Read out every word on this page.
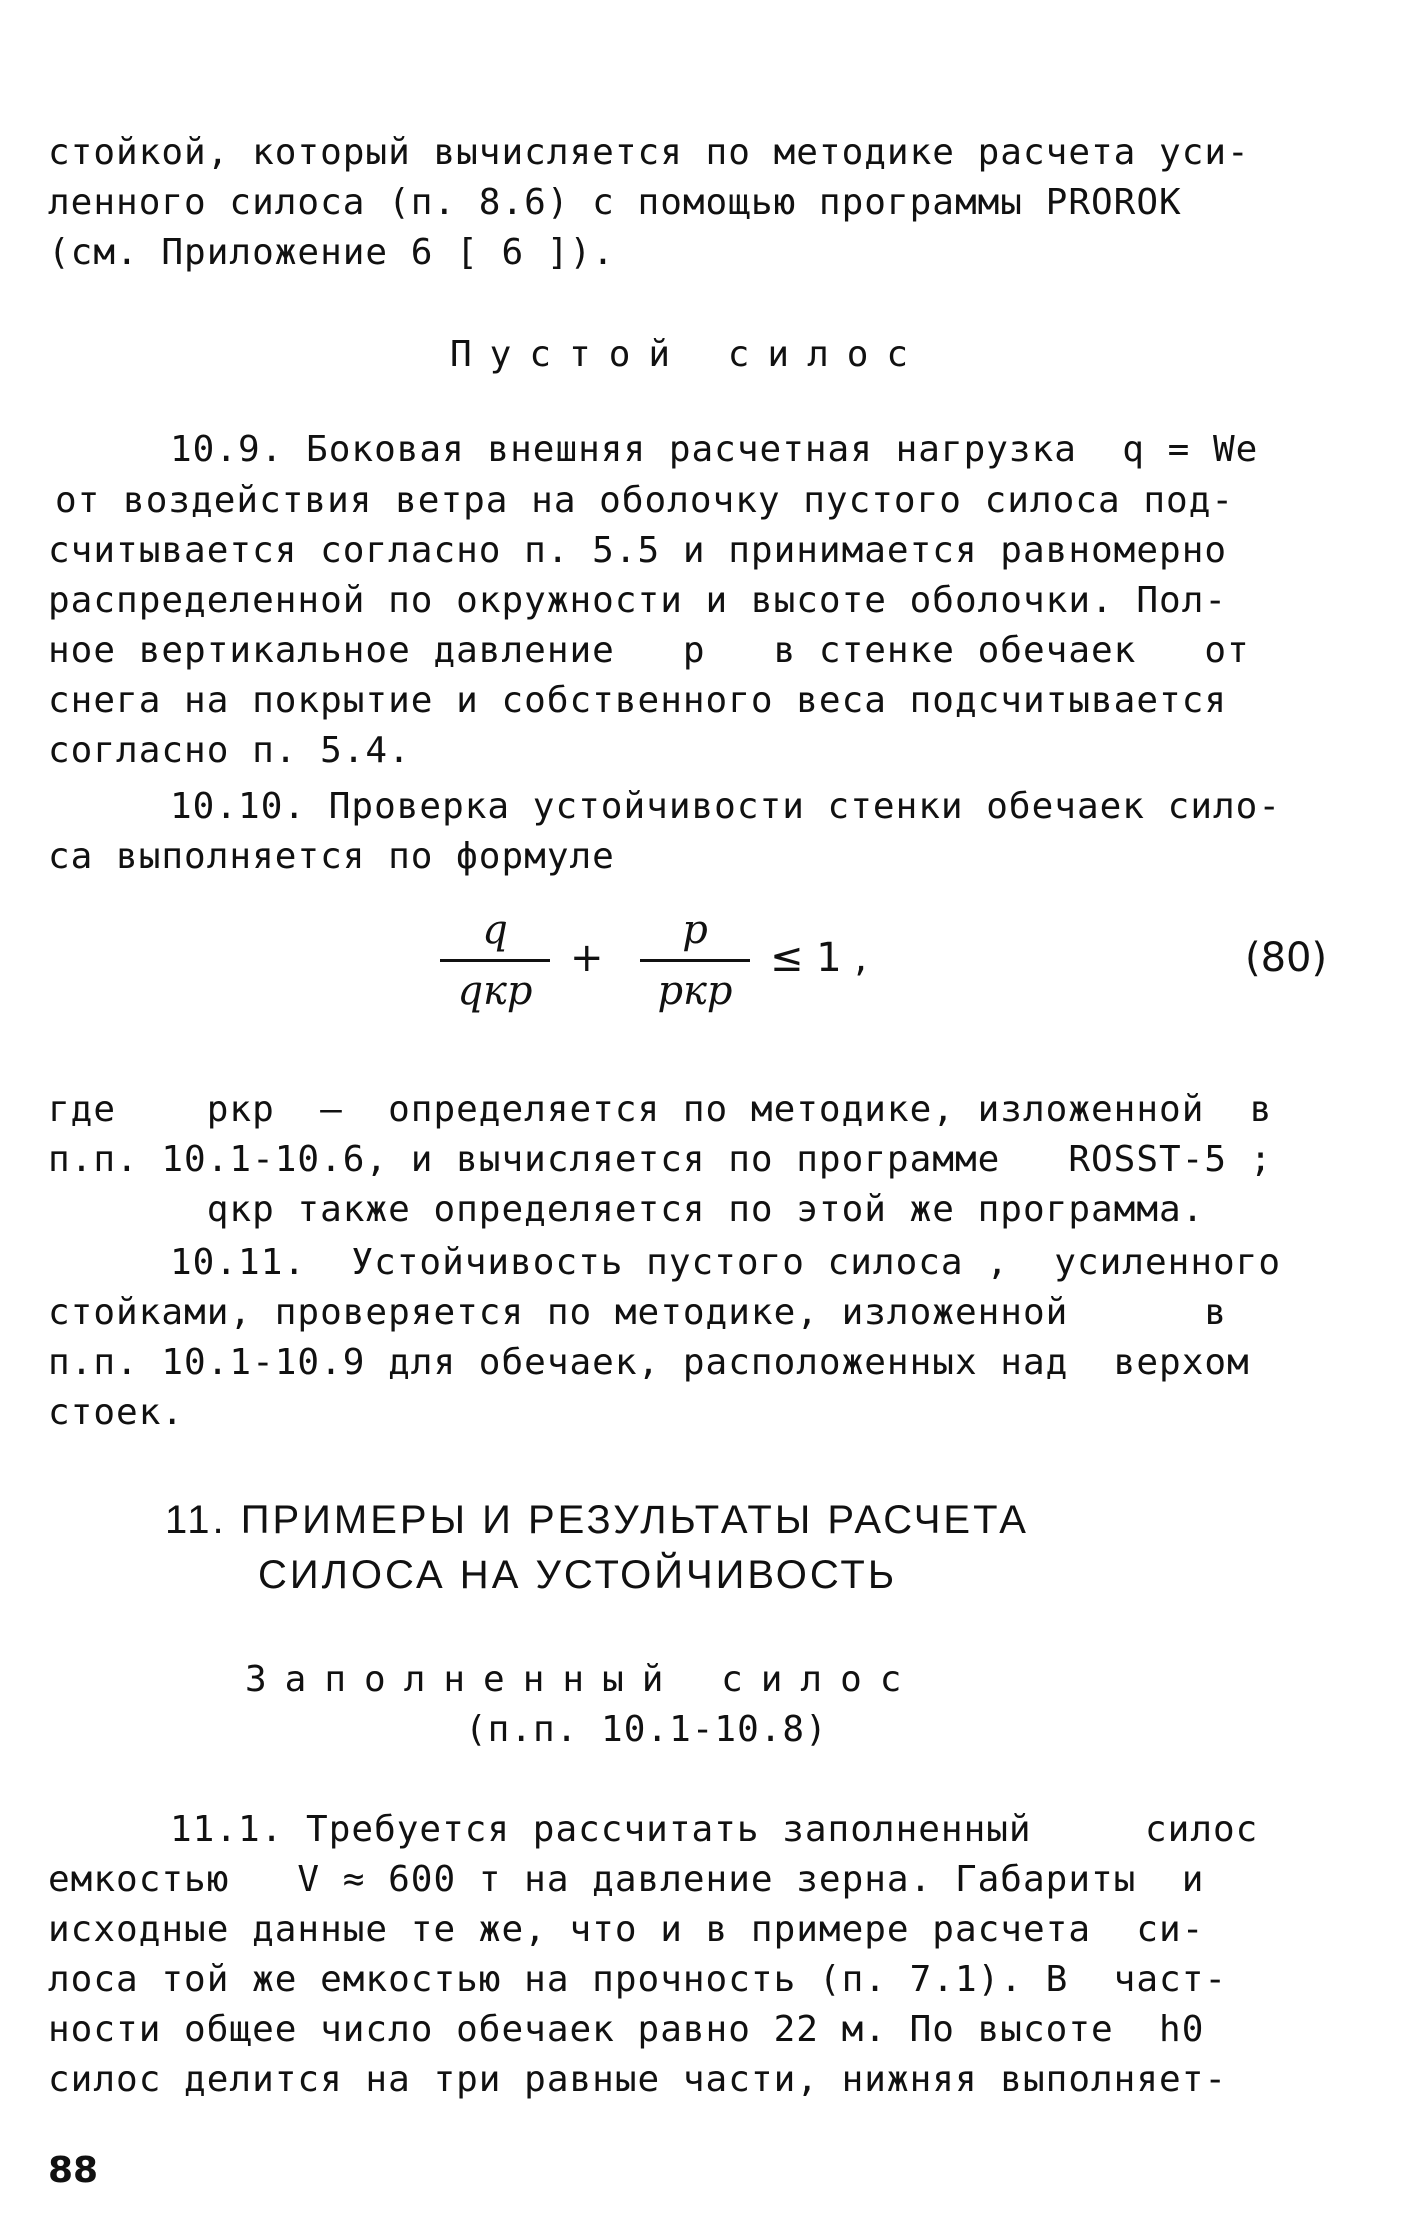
стойкой, который вычисляется по методике расчета уси-
ленного силоса (п. 8.6) с помощью программы PROROK
(см. Приложение 6 [ 6 ]).
Пустой силос
10.9. Боковая внешняя расчетная нагрузка  q = We
от воздействия ветра на оболочку пустого силоса под-
считывается согласно п. 5.5 и принимается равномерно
распределенной по окружности и высоте оболочки. Пол-
ное вертикальное давление   p   в стенке обечаек   от
снега на покрытие и собственного веса подсчитывается
согласно п. 5.4.
10.10. Проверка устойчивости стенки обечаек сило-
са выполняется по формуле
q
qкр
+
p
pкр
≤ 1 ,	(80)
где    pкр  —  определяется по методике, изложенной  в
п.п. 10.1-10.6, и вычисляется по программе   ROSST-5 ;
qкр также определяется по этой же программа.
10.11.  Устойчивость пустого силоса ,  усиленного
стойками, проверяется по методике, изложенной      в
п.п. 10.1-10.9 для обечаек, расположенных над  верхом
стоек.
11. ПРИМЕРЫ И РЕЗУЛЬТАТЫ РАСЧЕТА
СИЛОСА НА УСТОЙЧИВОСТЬ
Заполненный силос
(п.п. 10.1-10.8)
11.1. Требуется рассчитать заполненный     силос
емкостью   V ≈ 600 т на давление зерна. Габариты  и
исходные данные те же, что и в примере расчета  си-
лоса той же емкостью на прочность (п. 7.1). В  част-
ности общее число обечаек равно 22 м. По высоте  h0
силос делится на три равные части, нижняя выполняет-
88
